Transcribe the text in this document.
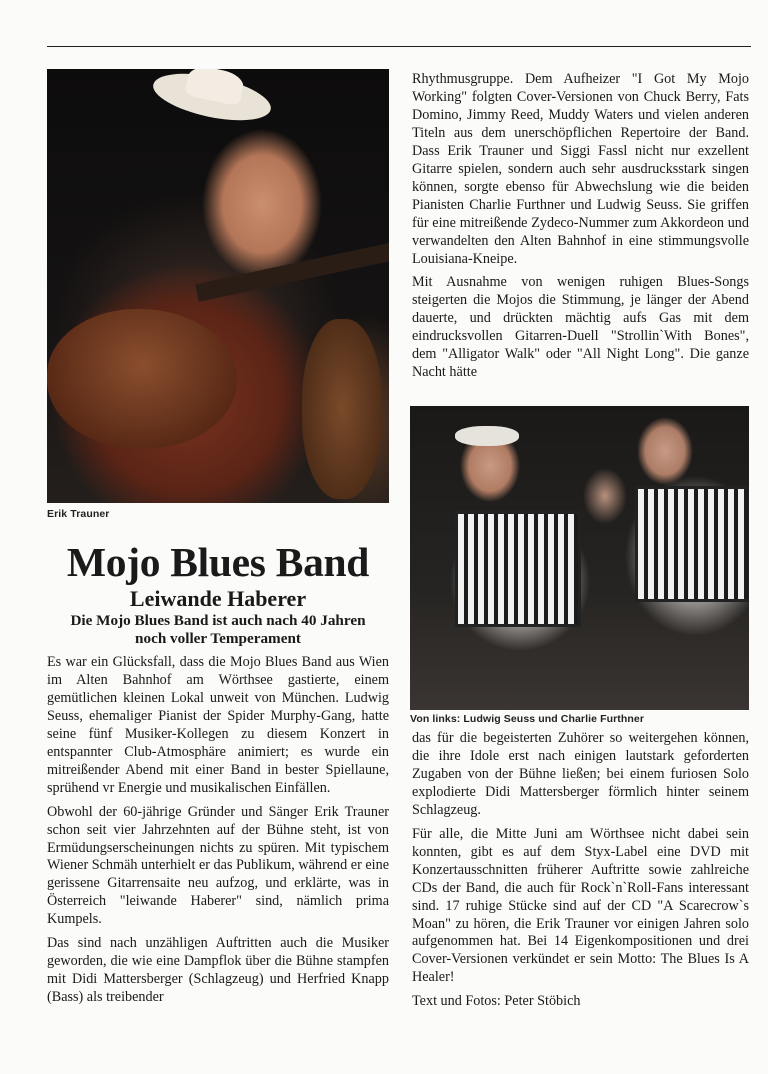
Erik Trauner
Von links: Ludwig Seuss und Charlie Furthner
Mojo Blues Band
Leiwande Haberer
Die Mojo Blues Band ist auch nach 40 Jahren noch voller Temperament

Es war ein Glücksfall, dass die Mojo Blues Band aus Wien im Alten Bahnhof am Wörthsee gastierte, einem gemütlichen kleinen Lokal unweit von München. Ludwig Seuss, ehemaliger Pianist der Spider Murphy-Gang, hatte seine fünf Musiker-Kollegen zu diesem Konzert in entspannter Club-Atmosphäre animiert; es wurde ein mitreißender Abend mit einer Band in bester Spiellaune, sprühend vr Energie und musikalischen Einfällen.

Obwohl der 60-jährige Gründer und Sänger Erik Trauner schon seit vier Jahrzehnten auf der Bühne steht, ist von Ermüdungserscheinungen nichts zu spüren. Mit typischem Wiener Schmäh unterhielt er das Publikum, während er eine gerissene Gitarrensaite neu aufzog, und erklärte, was in Österreich "leiwande Haberer" sind, nämlich prima Kumpels.

Das sind nach unzähligen Auftritten auch die Musiker geworden, die wie eine Dampflok über die Bühne stampfen mit Didi Mattersberger (Schlagzeug) und Herfried Knapp (Bass) als treibender

Rhythmusgruppe. Dem Aufheizer "I Got My Mojo Working" folgten Cover-Versionen von Chuck Berry, Fats Domino, Jimmy Reed, Muddy Waters und vielen anderen Titeln aus dem unerschöpflichen Repertoire der Band. Dass Erik Trauner und Siggi Fassl nicht nur exzellent Gitarre spielen, sondern auch sehr ausdrucksstark singen können, sorgte ebenso für Abwechslung wie die beiden Pianisten Charlie Furthner und Ludwig Seuss. Sie griffen für eine mitreißende Zydeco-Nummer zum Akkordeon und verwandelten den Alten Bahnhof in eine stimmungsvolle Louisiana-Kneipe.

Mit Ausnahme von wenigen ruhigen Blues-Songs steigerten die Mojos die Stimmung, je länger der Abend dauerte, und drückten mächtig aufs Gas mit dem eindrucksvollen Gitarren-Duell "Strollin`With Bones", dem "Alligator Walk" oder "All Night Long". Die ganze Nacht hätte

das für die begeisterten Zuhörer so weitergehen können, die ihre Idole erst nach einigen lautstark geforderten Zugaben von der Bühne ließen; bei einem furiosen Solo explodierte Didi Mattersberger förmlich hinter seinem Schlagzeug.

Für alle, die Mitte Juni am Wörthsee nicht dabei sein konnten, gibt es auf dem Styx-Label eine DVD mit Konzertausschnitten früherer Auftritte sowie zahlreiche CDs der Band, die auch für Rock`n`Roll-Fans interessant sind. 17 ruhige Stücke sind auf der CD "A Scarecrow`s Moan" zu hören, die Erik Trauner vor einigen Jahren solo aufgenommen hat. Bei 14 Eigenkompositionen und drei Cover-Versionen verkündet er sein Motto: The Blues Is A Healer!

Text und Fotos: Peter Stöbich
